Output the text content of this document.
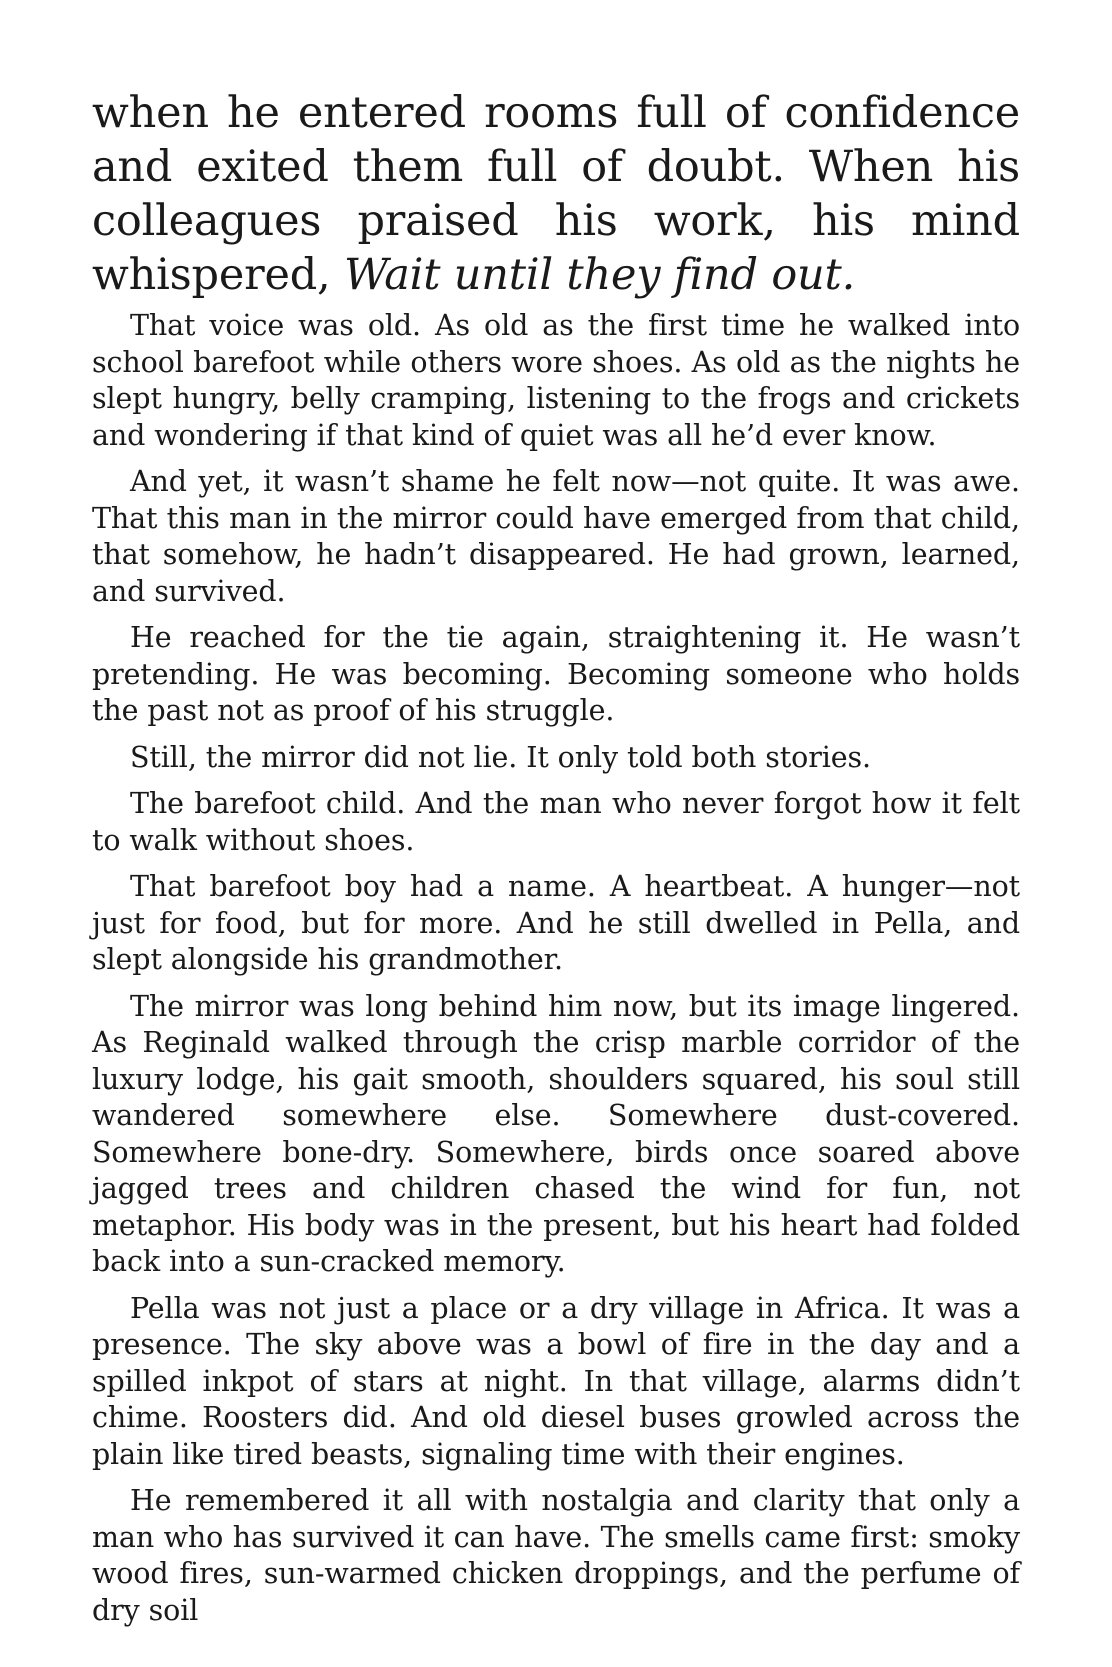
when he entered rooms full of confidence and exited them full of doubt. When his colleagues praised his work, his mind whispered, Wait until they find out.

That voice was old. As old as the first time he walked into school barefoot while others wore shoes. As old as the nights he slept hungry, belly cramping, listening to the frogs and crickets and wondering if that kind of quiet was all he’d ever know.

And yet, it wasn’t shame he felt now—not quite. It was awe. That this man in the mirror could have emerged from that child, that somehow, he hadn’t disappeared. He had grown, learned, and survived.

He reached for the tie again, straightening it. He wasn’t pretending. He was becoming. Becoming someone who holds the past not as proof of his struggle.

Still, the mirror did not lie. It only told both stories.

The barefoot child. And the man who never forgot how it felt to walk without shoes.

That barefoot boy had a name. A heartbeat. A hunger—not just for food, but for more. And he still dwelled in Pella, and slept alongside his grandmother.

The mirror was long behind him now, but its image lingered. As Reginald walked through the crisp marble corridor of the luxury lodge, his gait smooth, shoulders squared, his soul still wandered somewhere else. Somewhere dust-covered. Somewhere bone-dry. Somewhere, birds once soared above jagged trees and children chased the wind for fun, not metaphor. His body was in the present, but his heart had folded back into a sun-cracked memory.

Pella was not just a place or a dry village in Africa. It was a presence. The sky above was a bowl of fire in the day and a spilled inkpot of stars at night. In that village, alarms didn’t chime. Roosters did. And old diesel buses growled across the plain like tired beasts, signaling time with their engines.

He remembered it all with nostalgia and clarity that only a man who has survived it can have. The smells came first: smoky wood fires, sun-warmed chicken droppings, and the perfume of dry soil
